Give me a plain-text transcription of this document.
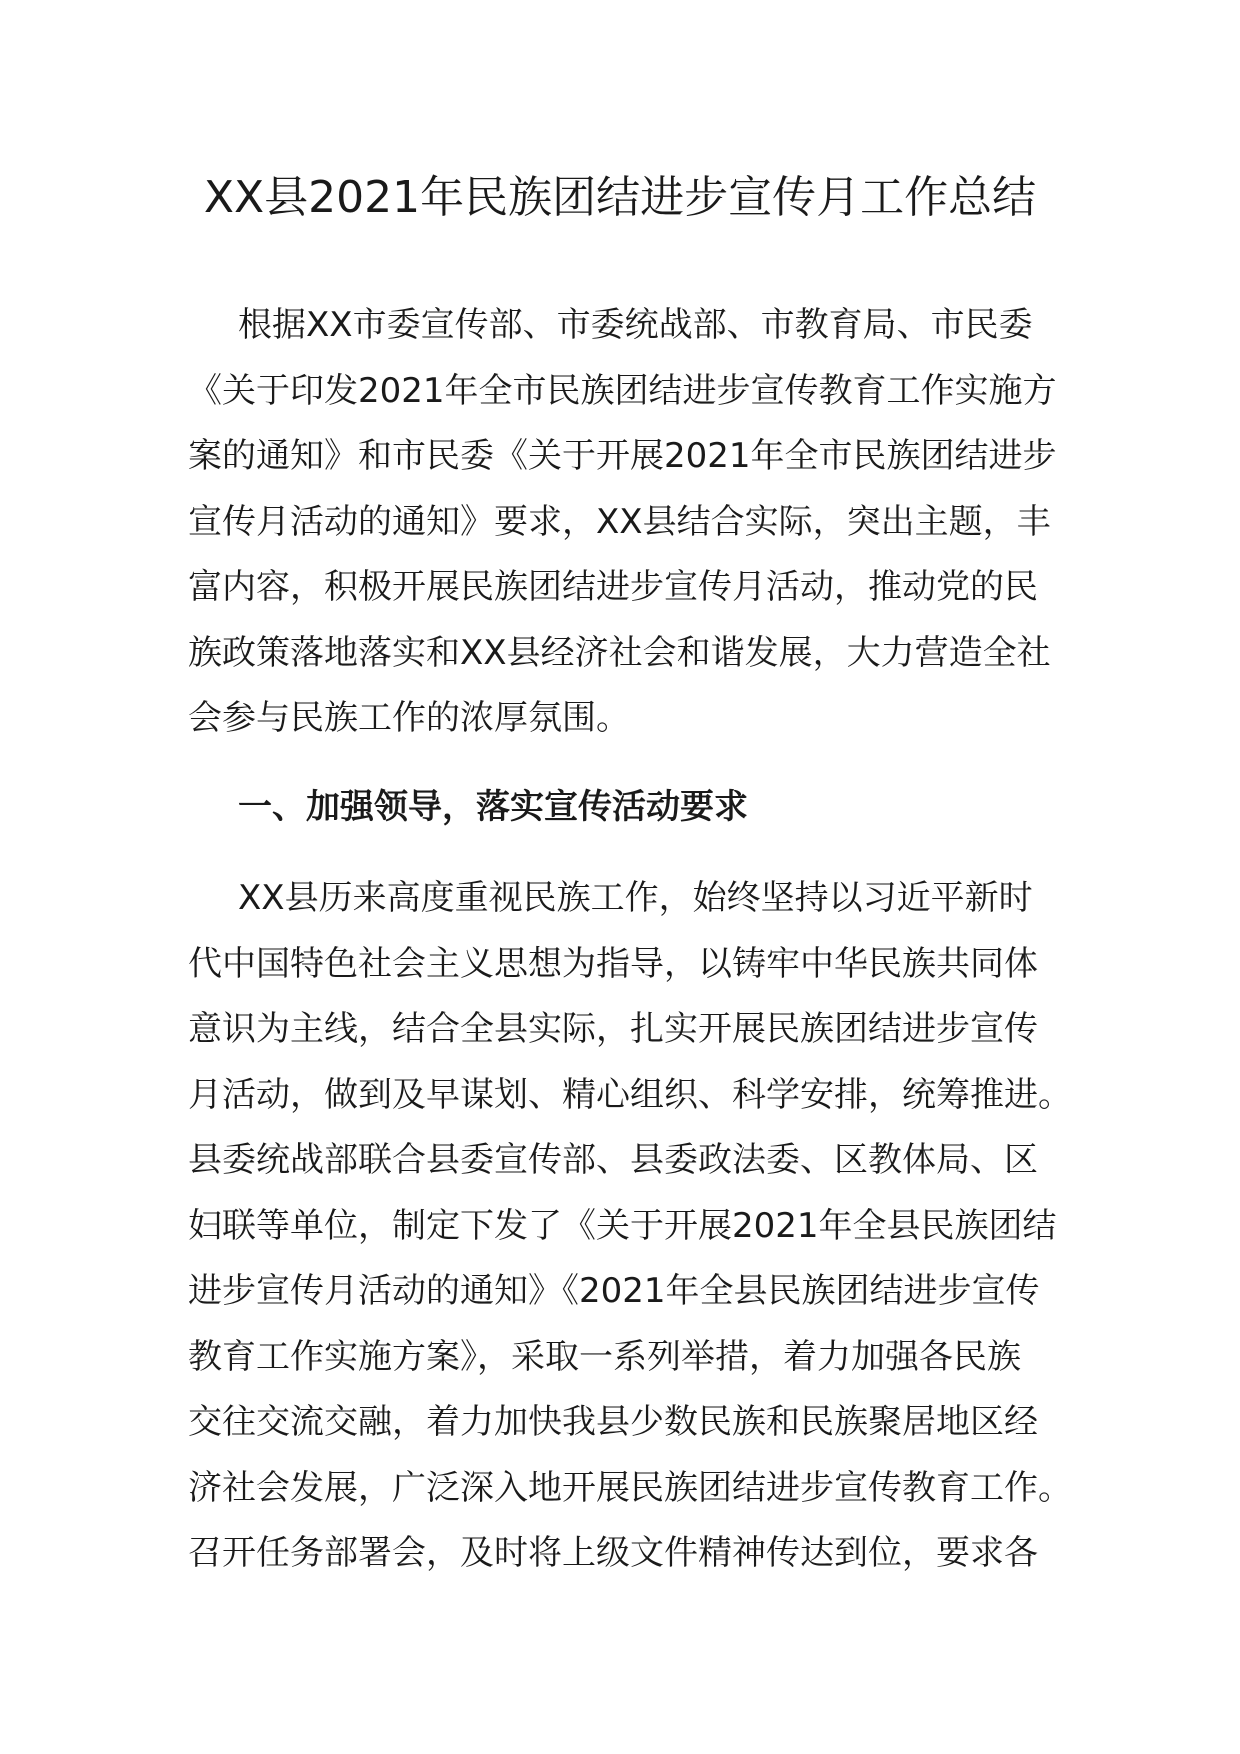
XX县2021年民族团结进步宣传月工作总结
根据XX市委宣传部、市委统战部、市教育局、市民委
《关于印发2021年全市民族团结进步宣传教育工作实施方
案的通知》和市民委《关于开展2021年全市民族团结进步
宣传月活动的通知》要求，XX县结合实际，突出主题，丰
富内容，积极开展民族团结进步宣传月活动，推动党的民
族政策落地落实和XX县经济社会和谐发展，大力营造全社
会参与民族工作的浓厚氛围。
一、加强领导，落实宣传活动要求
XX县历来高度重视民族工作，始终坚持以习近平新时
代中国特色社会主义思想为指导，以铸牢中华民族共同体
意识为主线，结合全县实际，扎实开展民族团结进步宣传
月活动，做到及早谋划、精心组织、科学安排，统筹推进。
县委统战部联合县委宣传部、县委政法委、区教体局、区
妇联等单位，制定下发了《关于开展2021年全县民族团结
进步宣传月活动的通知》《2021年全县民族团结进步宣传
教育工作实施方案》，采取一系列举措，着力加强各民族
交往交流交融，着力加快我县少数民族和民族聚居地区经
济社会发展，广泛深入地开展民族团结进步宣传教育工作。
召开任务部署会，及时将上级文件精神传达到位，要求各
